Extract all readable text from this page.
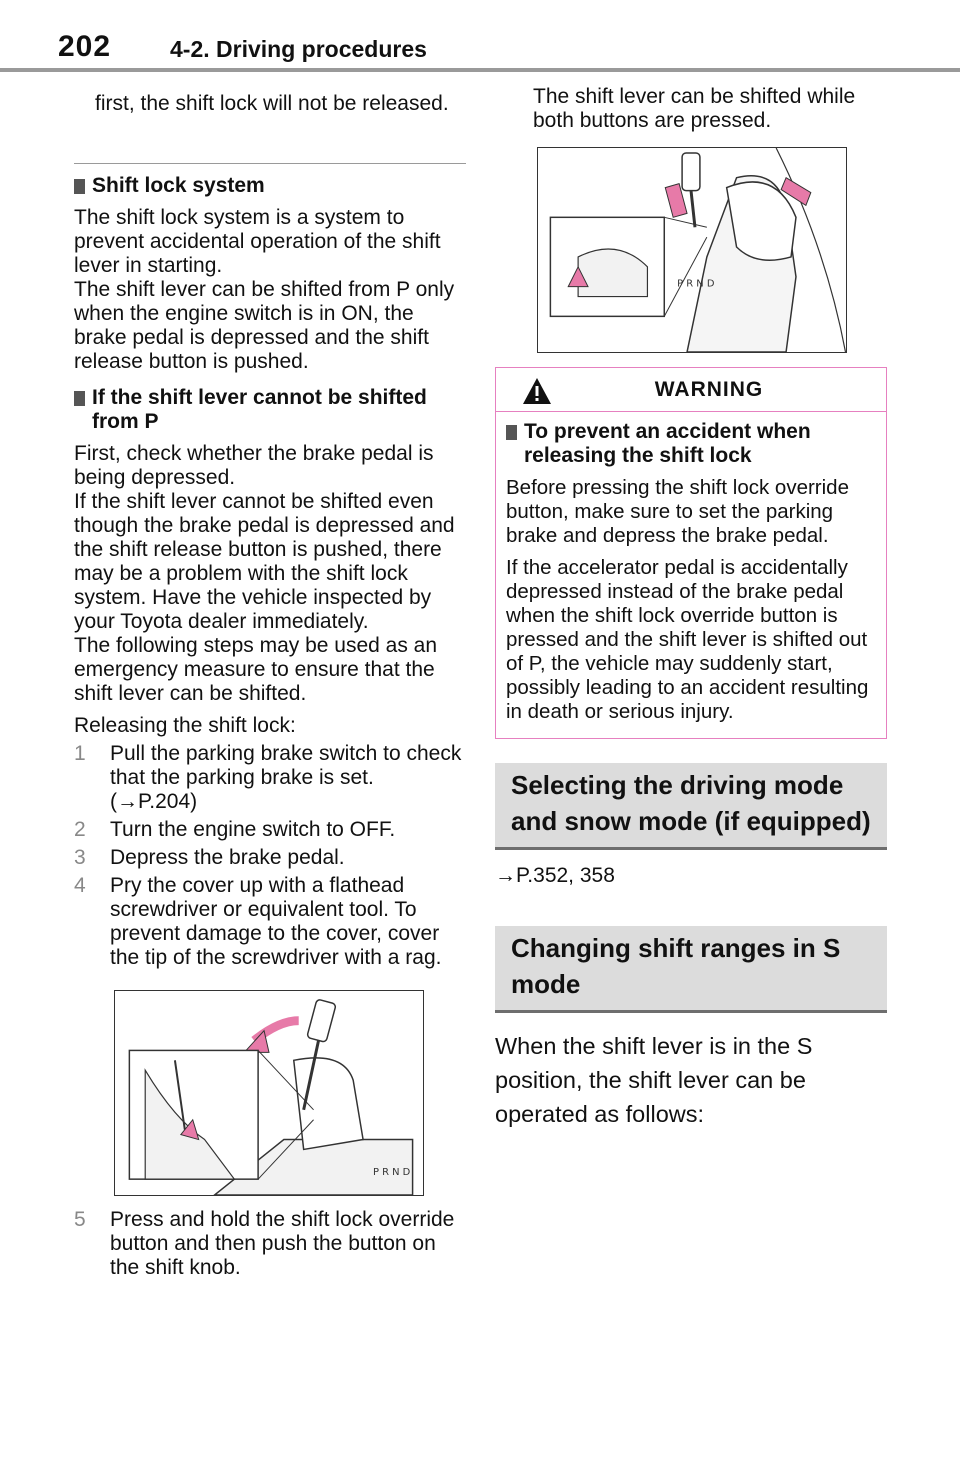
202	4-2. Driving procedures

first, the shift lock will not be released.

Shift lock system

The shift lock system is a system to prevent accidental operation of the shift lever in starting.

The shift lever can be shifted from P only when the engine switch is in ON, the brake pedal is depressed and the shift release button is pushed.

If the shift lever cannot be shifted from P

First, check whether the brake pedal is being depressed.

If the shift lever cannot be shifted even though the brake pedal is depressed and the shift release button is pushed, there may be a problem with the shift lock system. Have the vehicle inspected by your Toyota dealer immediately.

The following steps may be used as an emergency measure to ensure that the shift lever can be shifted.

Releasing the shift lock:

1	Pull the parking brake switch to check that the parking brake is set. (→P.204)
2	Turn the engine switch to OFF.
3	Depress the brake pedal.
4	Pry the cover up with a flathead screwdriver or equivalent tool. To prevent damage to the cover, cover the tip of the screwdriver with a rag.
P R N D
5	Press and hold the shift lock override button and then push the button on the shift knob.

The shift lever can be shifted while both buttons are pressed.

P R N D
WARNING
To prevent an accident when releasing the shift lock

Before pressing the shift lock override button, make sure to set the parking brake and depress the brake pedal.

If the accelerator pedal is accidentally depressed instead of the brake pedal when the shift lock override button is pressed and the shift lever is shifted out of P, the vehicle may suddenly start, possibly leading to an accident resulting in death or serious injury.

Selecting the driving mode and snow mode (if equipped)

→P.352, 358

Changing shift ranges in S mode

When the shift lever is in the S position, the shift lever can be operated as follows:
